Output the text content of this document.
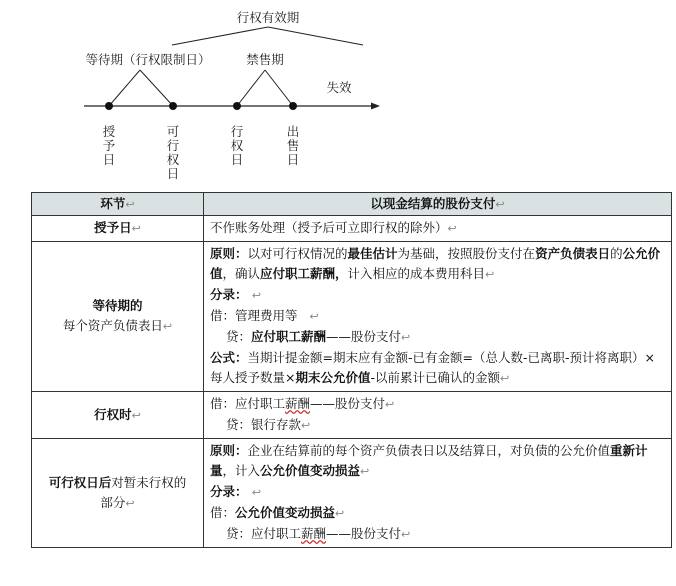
行权有效期
等待期（行权限制日）	禁售期
失效
授予日
可行权日
行权日
出售日
环节↩	以现金结算的股份支付↩
授予日↩	不作账务处理（授予后可立即行权的除外）↩

等待期的
每个资产负债表日↩	原则：以对可行权情况的最佳估计为基础，按照股份支付在资产负债表日的公允价值，确认应付职工薪酬，计入相应的成本费用科目↩
分录： ↩
借：管理费用等 ↩
贷：应付职工薪酬——股份支付↩
公式：当期计提金额=期末应有金额-已有金额=（总人数-已离职-预计将离职）×每人授予数量×期末公允价值-以前累计已确认的金额↩

行权时↩	借：应付职工薪酬——股份支付↩
贷：银行存款↩

可行权日后对暂未行权的
部分↩	原则：企业在结算前的每个资产负债表日以及结算日，对负债的公允价值重新计量，计入公允价值变动损益↩
分录： ↩
借：公允价值变动损益↩
贷：应付职工薪酬——股份支付↩
